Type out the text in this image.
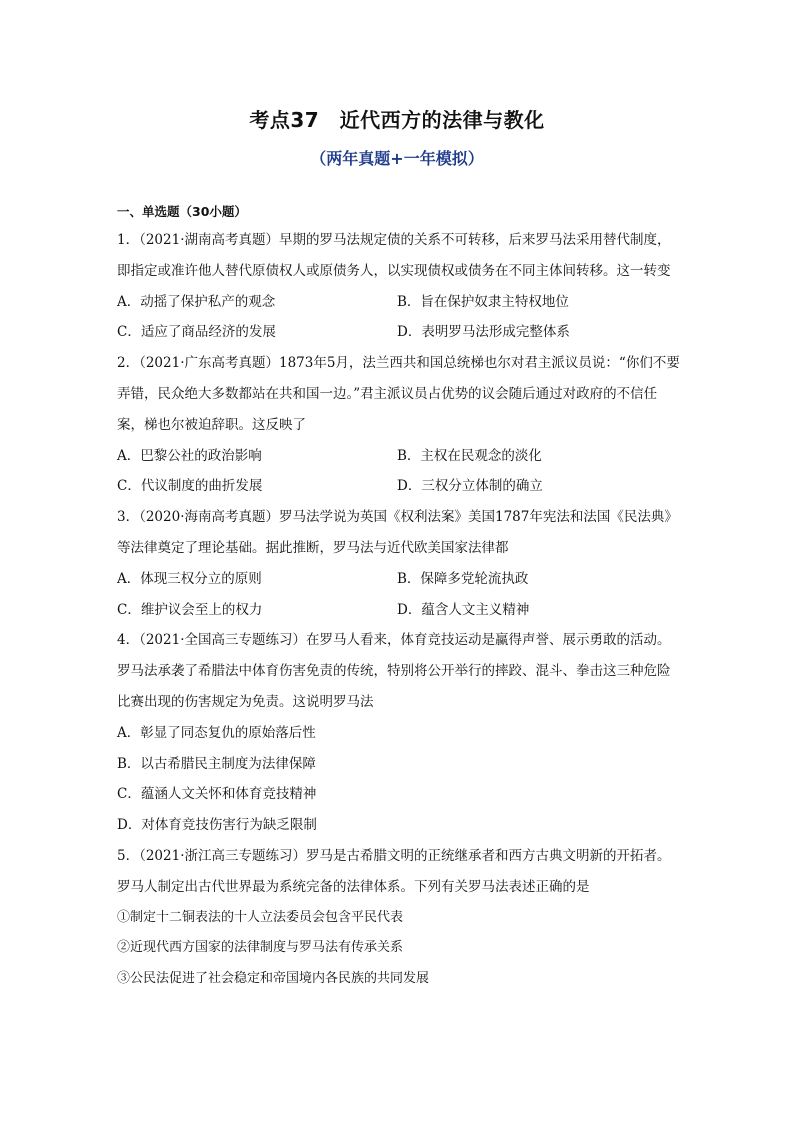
考点37　近代西方的法律与教化
（两年真题+一年模拟）
一、单选题（30小题）
1．（2021·湖南高考真题）早期的罗马法规定债的关系不可转移，后来罗马法采用替代制度，即指定或准许他人替代原债权人或原债务人，以实现债权或债务在不同主体间转移。这一转变
A．动摇了保护私产的观念	B．旨在保护奴隶主特权地位
C．适应了商品经济的发展	D．表明罗马法形成完整体系
2．（2021·广东高考真题）1873年5月，法兰西共和国总统梯也尔对君主派议员说：“你们不要弄错，民众绝大多数都站在共和国一边。”君主派议员占优势的议会随后通过对政府的不信任案，梯也尔被迫辞职。这反映了
A．巴黎公社的政治影响	B．主权在民观念的淡化
C．代议制度的曲折发展	D．三权分立体制的确立
3．（2020·海南高考真题）罗马法学说为英国《权利法案》美国1787年宪法和法国《民法典》等法律奠定了理论基础。据此推断，罗马法与近代欧美国家法律都
A．体现三权分立的原则	B．保障多党轮流执政
C．维护议会至上的权力	D．蕴含人文主义精神
4．（2021·全国高三专题练习）在罗马人看来，体育竞技运动是赢得声誉、展示勇敢的活动。罗马法承袭了希腊法中体育伤害免责的传统，特别将公开举行的摔跤、混斗、拳击这三种危险比赛出现的伤害规定为免责。这说明罗马法
A．彰显了同态复仇的原始落后性
B．以古希腊民主制度为法律保障
C．蕴涵人文关怀和体育竞技精神
D．对体育竞技伤害行为缺乏限制
5．（2021·浙江高三专题练习）罗马是古希腊文明的正统继承者和西方古典文明新的开拓者。罗马人制定出古代世界最为系统完备的法律体系。下列有关罗马法表述正确的是
①制定十二铜表法的十人立法委员会包含平民代表
②近现代西方国家的法律制度与罗马法有传承关系
③公民法促进了社会稳定和帝国境内各民族的共同发展
